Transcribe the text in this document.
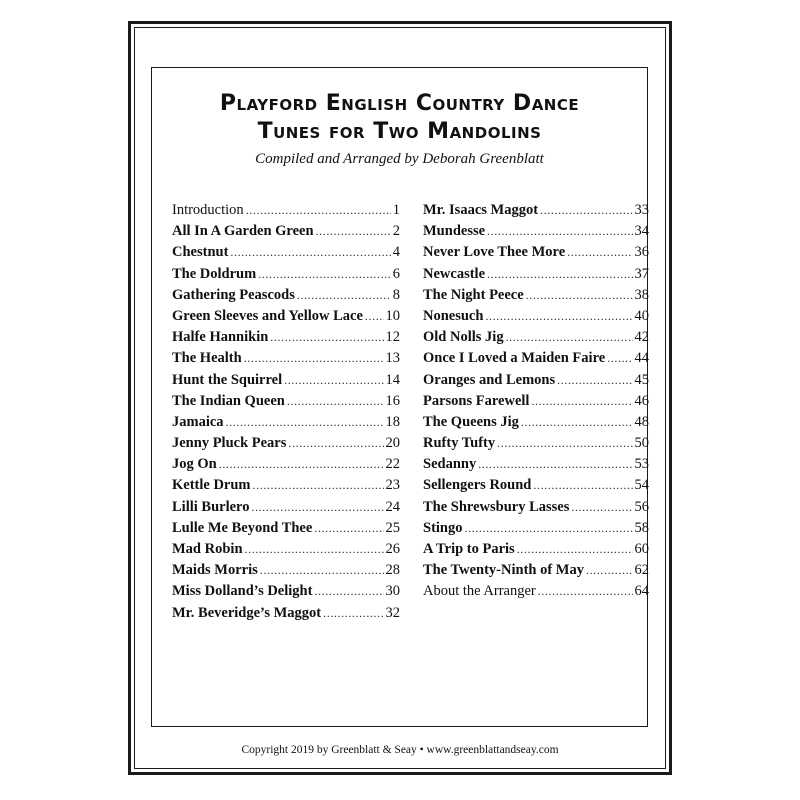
Playford English Country Dance
Tunes for Two Mandolins

Compiled and Arranged by Deborah Greenblatt

Introduction .....	1
All In A Garden Green .....	2
Chestnut .....	4
The Doldrum .....	6
Gathering Peascods .....	8
Green Sleeves and Yellow Lace ..... 10
Halfe Hannikin .....	12
The Health .....	13
Hunt the Squirrel .....	14
The Indian Queen .....	16
Jamaica .....	18
Jenny Pluck Pears .....	20
Jog On .....	22
Kettle Drum .....	23
Lilli Burlero .....	24
Lulle Me Beyond Thee .....	25
Mad Robin .....	26
Maids Morris .....	28
Miss Dolland’s Delight .....	30
Mr. Beveridge’s Maggot .....	32
Mr. Isaacs Maggot .....	33
Mundesse .....	34
Never Love Thee More .....	36
Newcastle .....	37
The Night Peece .....	38
Nonesuch .....	40
Old Nolls Jig .....	42
Once I Loved a Maiden Faire ..... 44
Oranges and Lemons .....	45
Parsons Farewell .....	46
The Queens Jig .....	48
Rufty Tufty .....	50
Sedanny .....	53
Sellengers Round .....	54
The Shrewsbury Lasses .....	56
Stingo .....	58
A Trip to Paris .....	60
The Twenty-Ninth of May .....	62
About the Arranger .....	64

Copyright 2019 by Greenblatt & Seay • www.greenblattandseay.com
